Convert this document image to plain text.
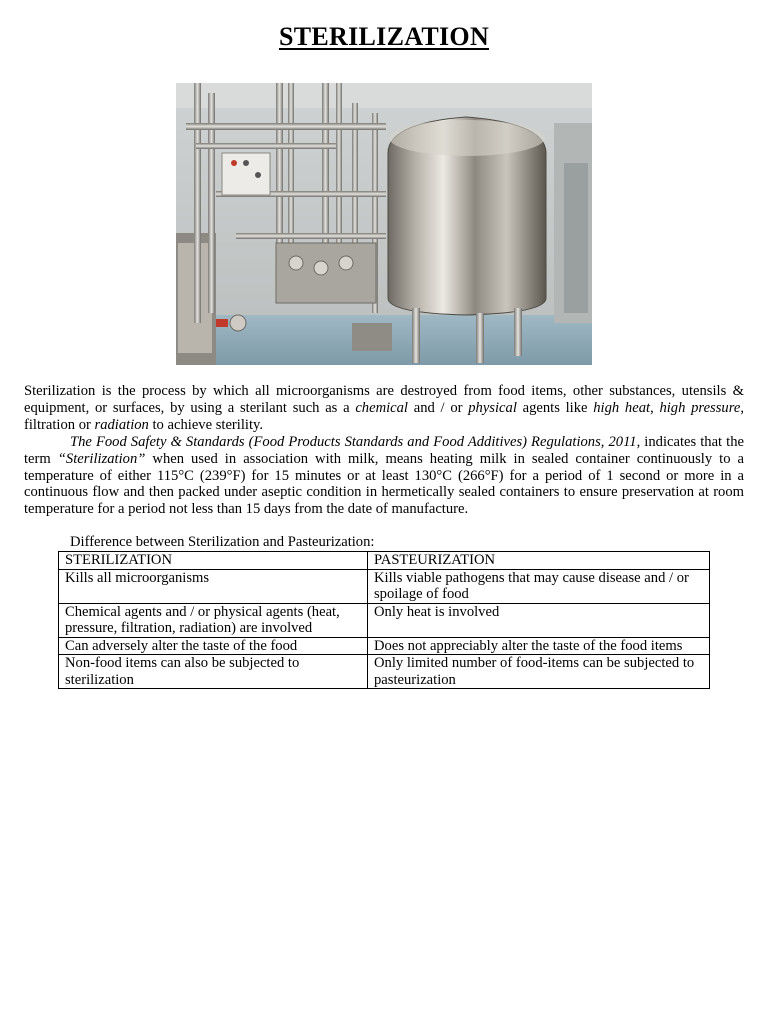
STERILIZATION
Sterilization is the process by which all microorganisms are destroyed from food items, other substances, utensils & equipment, or surfaces, by using a sterilant such as a chemical and / or physical agents like high heat, high pressure, filtration or radiation to achieve sterility.
The Food Safety & Standards (Food Products Standards and Food Additives) Regulations, 2011, indicates that the term “Sterilization” when used in association with milk, means heating milk in sealed container continuously to a temperature of either 115°C (239°F) for 15 minutes or at least 130°C (266°F) for a period of 1 second or more in a continuous flow and then packed under aseptic condition in hermetically sealed containers to ensure preservation at room temperature for a period not less than 15 days from the date of manufacture.
Difference between Sterilization and Pasteurization:
STERILIZATION	PASTEURIZATION
Kills all microorganisms	Kills viable pathogens that may cause disease and / or spoilage of food
Chemical agents and / or physical agents (heat, pressure, filtration, radiation) are involved	Only heat is involved
Can adversely alter the taste of the food	Does not appreciably alter the taste of the food items
Non-food items can also be subjected to sterilization	Only limited number of food-items can be subjected to pasteurization
